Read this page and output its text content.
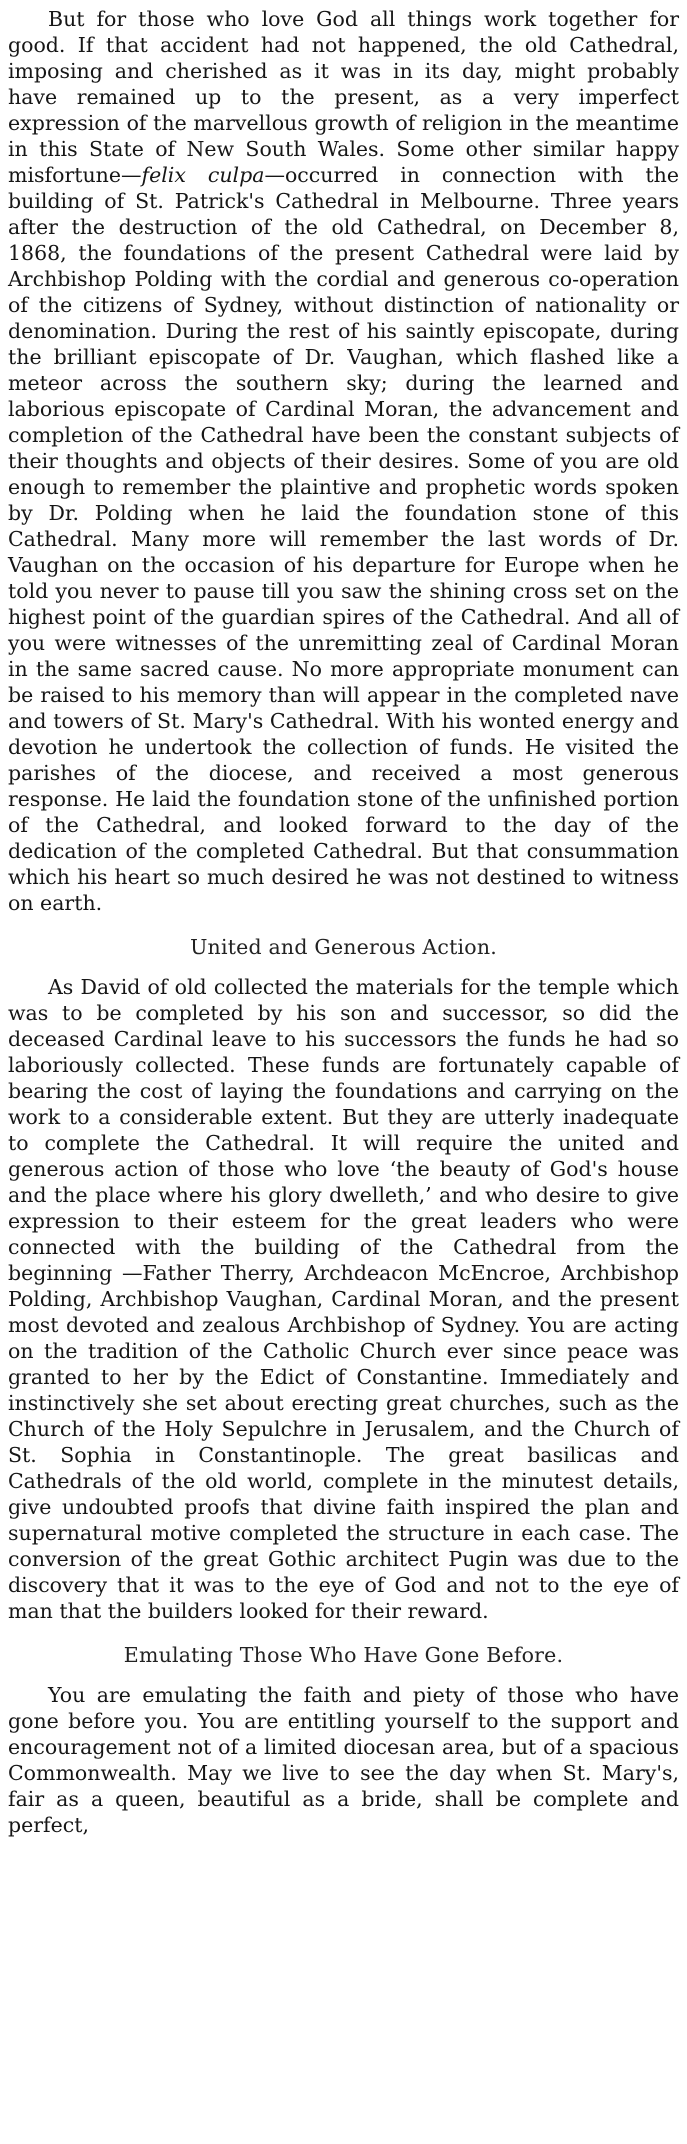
But for those who love God all things work together for good. If that accident had not happened, the old Cathedral, imposing and cherished as it was in its day, might probably have remained up to the present, as a very imperfect expression of the marvellous growth of religion in the meantime in this State of New South Wales. Some other similar happy misfortune—felix culpa—occurred in connection with the building of St. Patrick's Cathedral in Melbourne. Three years after the destruction of the old Cathedral, on December 8, 1868, the foundations of the present Cathedral were laid by Archbishop Polding with the cordial and generous co-operation of the citizens of Sydney, without distinction of nationality or denomination. During the rest of his saintly episcopate, during the brilliant episcopate of Dr. Vaughan, which flashed like a meteor across the southern sky; during the learned and laborious episcopate of Cardinal Moran, the advancement and completion of the Cathedral have been the constant subjects of their thoughts and objects of their desires. Some of you are old enough to remember the plaintive and prophetic words spoken by Dr. Polding when he laid the foundation stone of this Cathedral. Many more will remember the last words of Dr. Vaughan on the occasion of his departure for Europe when he told you never to pause till you saw the shining cross set on the highest point of the guardian spires of the Cathedral. And all of you were witnesses of the unremitting zeal of Cardinal Moran in the same sacred cause. No more appropriate monument can be raised to his memory than will appear in the completed nave and towers of St. Mary's Cathedral. With his wonted energy and devotion he undertook the collection of funds. He visited the parishes of the diocese, and received a most generous response. He laid the foundation stone of the unfinished portion of the Cathedral, and looked forward to the day of the dedication of the completed Cathedral. But that consummation which his heart so much desired he was not destined to witness on earth.

United and Generous Action.

As David of old collected the materials for the temple which was to be completed by his son and successor, so did the deceased Cardinal leave to his successors the funds he had so laboriously collected. These funds are fortunately capable of bearing the cost of laying the foundations and carrying on the work to a considerable extent. But they are utterly inadequate to complete the Cathedral. It will require the united and generous action of those who love ‘the beauty of God's house and the place where his glory dwelleth,’ and who desire to give expression to their esteem for the great leaders who were connected with the building of the Cathedral from the beginning —Father Therry, Archdeacon McEncroe, Archbishop Polding, Archbishop Vaughan, Cardinal Moran, and the present most devoted and zealous Archbishop of Sydney. You are acting on the tradition of the Catholic Church ever since peace was granted to her by the Edict of Constantine. Immediately and instinctively she set about erecting great churches, such as the Church of the Holy Sepulchre in Jerusalem, and the Church of St. Sophia in Constantinople. The great basilicas and Cathedrals of the old world, complete in the minutest details, give undoubted proofs that divine faith inspired the plan and supernatural motive completed the structure in each case. The conversion of the great Gothic architect Pugin was due to the discovery that it was to the eye of God and not to the eye of man that the builders looked for their reward.

Emulating Those Who Have Gone Before.

You are emulating the faith and piety of those who have gone before you. You are entitling yourself to the support and encouragement not of a limited diocesan area, but of a spacious Commonwealth. May we live to see the day when St. Mary's, fair as a queen, beautiful as a bride, shall be complete and perfect,
